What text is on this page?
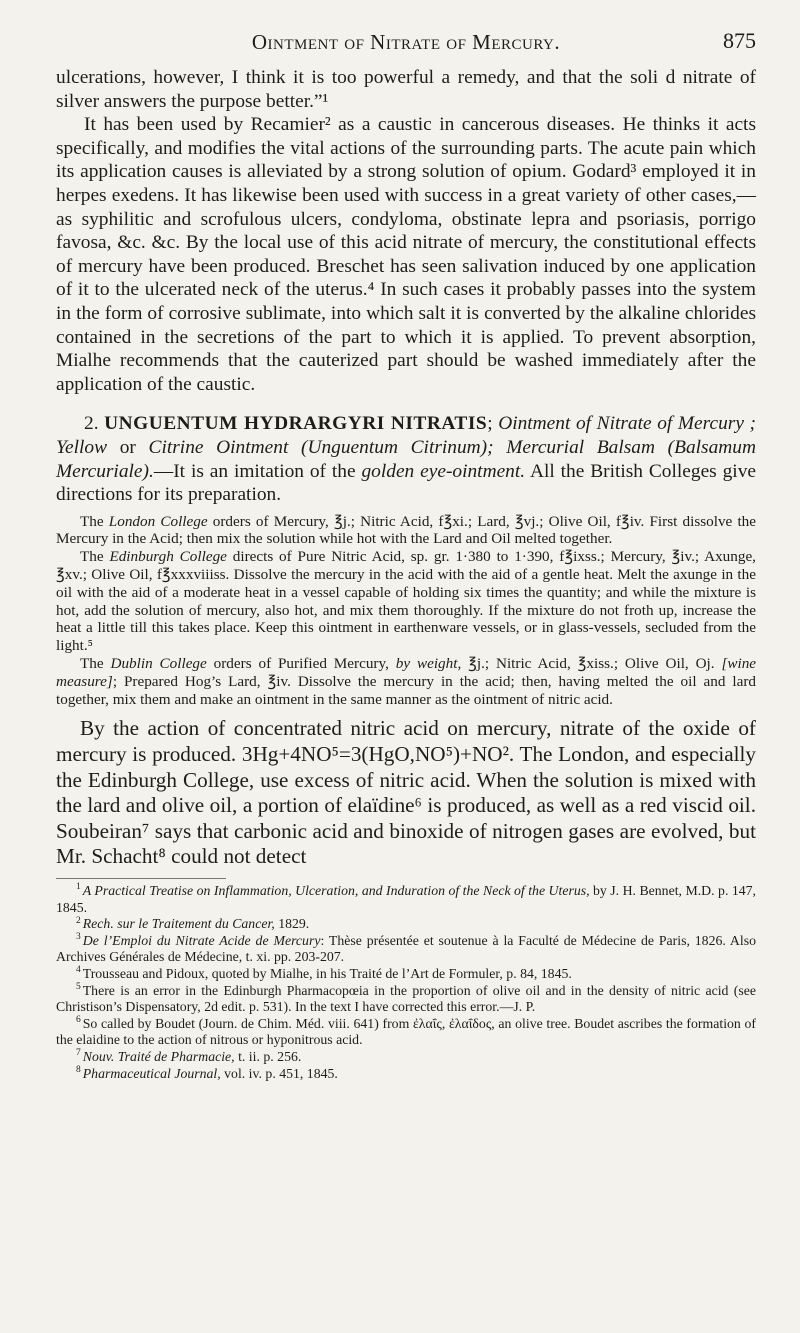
Ointment of Nitrate of Mercury.	875

ulcerations, however, I think it is too powerful a remedy, and that the soli d nitrate of silver answers the purpose better.”¹

It has been used by Recamier² as a caustic in cancerous diseases. He thinks it acts specifically, and modifies the vital actions of the surrounding parts. The acute pain which its application causes is alleviated by a strong solution of opium. Godard³ employed it in herpes exedens. It has likewise been used with success in a great variety of other cases,—as syphilitic and scrofulous ulcers, condyloma, obstinate lepra and psoriasis, porrigo favosa, &c. &c. By the local use of this acid nitrate of mercury, the constitutional effects of mercury have been produced. Breschet has seen salivation induced by one application of it to the ulcerated neck of the uterus.⁴ In such cases it probably passes into the system in the form of corrosive sublimate, into which salt it is converted by the alkaline chlorides contained in the secretions of the part to which it is applied. To prevent absorption, Mialhe recommends that the cauterized part should be washed immediately after the application of the caustic.

2. UNGUENTUM HYDRARGYRI NITRATIS; Ointment of Nitrate of Mercury ; Yellow or Citrine Ointment (Unguentum Citrinum); Mercurial Balsam (Balsamum Mercuriale).—It is an imitation of the golden eye-ointment. All the British Colleges give directions for its preparation.

The London College orders of Mercury, ℥j.; Nitric Acid, f℥xi.; Lard, ℥vj.; Olive Oil, f℥iv. First dissolve the Mercury in the Acid; then mix the solution while hot with the Lard and Oil melted together.

The Edinburgh College directs of Pure Nitric Acid, sp. gr. 1·380 to 1·390, f℥ixss.; Mercury, ℥iv.; Axunge, ℥xv.; Olive Oil, f℥xxxviiiss. Dissolve the mercury in the acid with the aid of a gentle heat. Melt the axunge in the oil with the aid of a moderate heat in a vessel capable of holding six times the quantity; and while the mixture is hot, add the solution of mercury, also hot, and mix them thoroughly. If the mixture do not froth up, increase the heat a little till this takes place. Keep this ointment in earthenware vessels, or in glass-vessels, secluded from the light.⁵

The Dublin College orders of Purified Mercury, by weight, ℥j.; Nitric Acid, ℥xiss.; Olive Oil, Oj. [wine measure]; Prepared Hog’s Lard, ℥iv. Dissolve the mercury in the acid; then, having melted the oil and lard together, mix them and make an ointment in the same manner as the ointment of nitric acid.

By the action of concentrated nitric acid on mercury, nitrate of the oxide of mercury is produced. 3Hg+4NO⁵=3(HgO,NO⁵)+NO². The London, and especially the Edinburgh College, use excess of nitric acid. When the solution is mixed with the lard and olive oil, a portion of elaïdine⁶ is produced, as well as a red viscid oil. Soubeiran⁷ says that carbonic acid and binoxide of nitrogen gases are evolved, but Mr. Schacht⁸ could not detect

$^1$ A Practical Treatise on Inflammation, Ulceration, and Induration of the Neck of the Uterus, by J. H. Bennet, M.D. p. 147, 1845.

$^2$ Rech. sur le Traitement du Cancer, 1829.

$^3$ De l’Emploi du Nitrate Acide de Mercury: Thèse présentée et soutenue à la Faculté de Médecine de Paris, 1826. Also Archives Générales de Médecine, t. xi. pp. 203-207.

$^4$ Trousseau and Pidoux, quoted by Mialhe, in his Traité de l’Art de Formuler, p. 84, 1845.

$^5$ There is an error in the Edinburgh Pharmacopœia in the proportion of olive oil and in the density of nitric acid (see Christison’s Dispensatory, 2d edit. p. 531). In the text I have corrected this error.—J. P.

$^6$ So called by Boudet (Journ. de Chim. Méd. viii. 641) from ἐλαΐς, ἐλαΐδος, an olive tree. Boudet ascribes the formation of the elaidine to the action of nitrous or hyponitrous acid.

$^7$ Nouv. Traité de Pharmacie, t. ii. p. 256.

$^8$ Pharmaceutical Journal, vol. iv. p. 451, 1845.
